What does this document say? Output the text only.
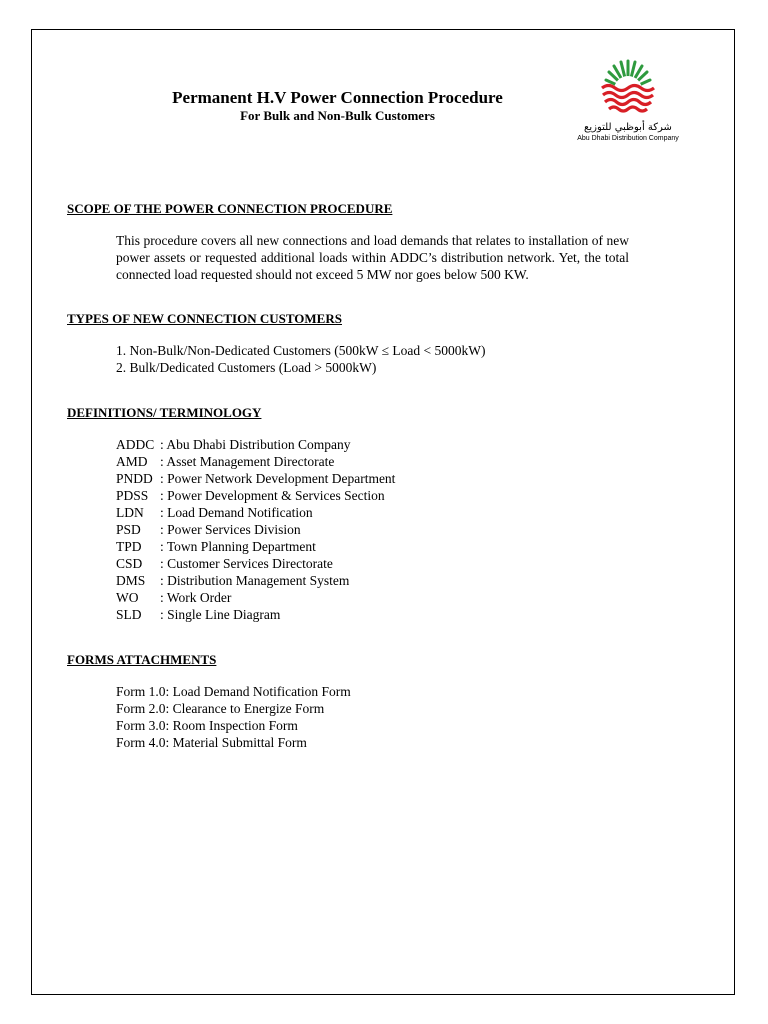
Permanent H.V Power Connection Procedure
For Bulk and Non-Bulk Customers
شركة أبوظبي للتوزيع
Abu Dhabi Distribution Company
SCOPE OF THE POWER CONNECTION PROCEDURE
This procedure covers all new connections and load demands that relates to installation of new power assets or requested additional loads within ADDC’s distribution network. Yet, the total connected load requested should not exceed 5 MW nor goes below 500 KW.
TYPES OF NEW CONNECTION CUSTOMERS
1. Non-Bulk/Non-Dedicated Customers (500kW ≤ Load < 5000kW)
2. Bulk/Dedicated Customers (Load > 5000kW)
DEFINITIONS/ TERMINOLOGY
ADDC : Abu Dhabi Distribution Company
AMD : Asset Management Directorate
PNDD : Power Network Development Department
PDSS : Power Development & Services Section
LDN	: Load Demand Notification
PSD	: Power Services Division
TPD	: Town Planning Department
CSD	: Customer Services Directorate
DMS	: Distribution Management System
WO	: Work Order
SLD	: Single Line Diagram
FORMS ATTACHMENTS
Form 1.0: Load Demand Notification Form
Form 2.0: Clearance to Energize Form
Form 3.0: Room Inspection Form
Form 4.0: Material Submittal Form
